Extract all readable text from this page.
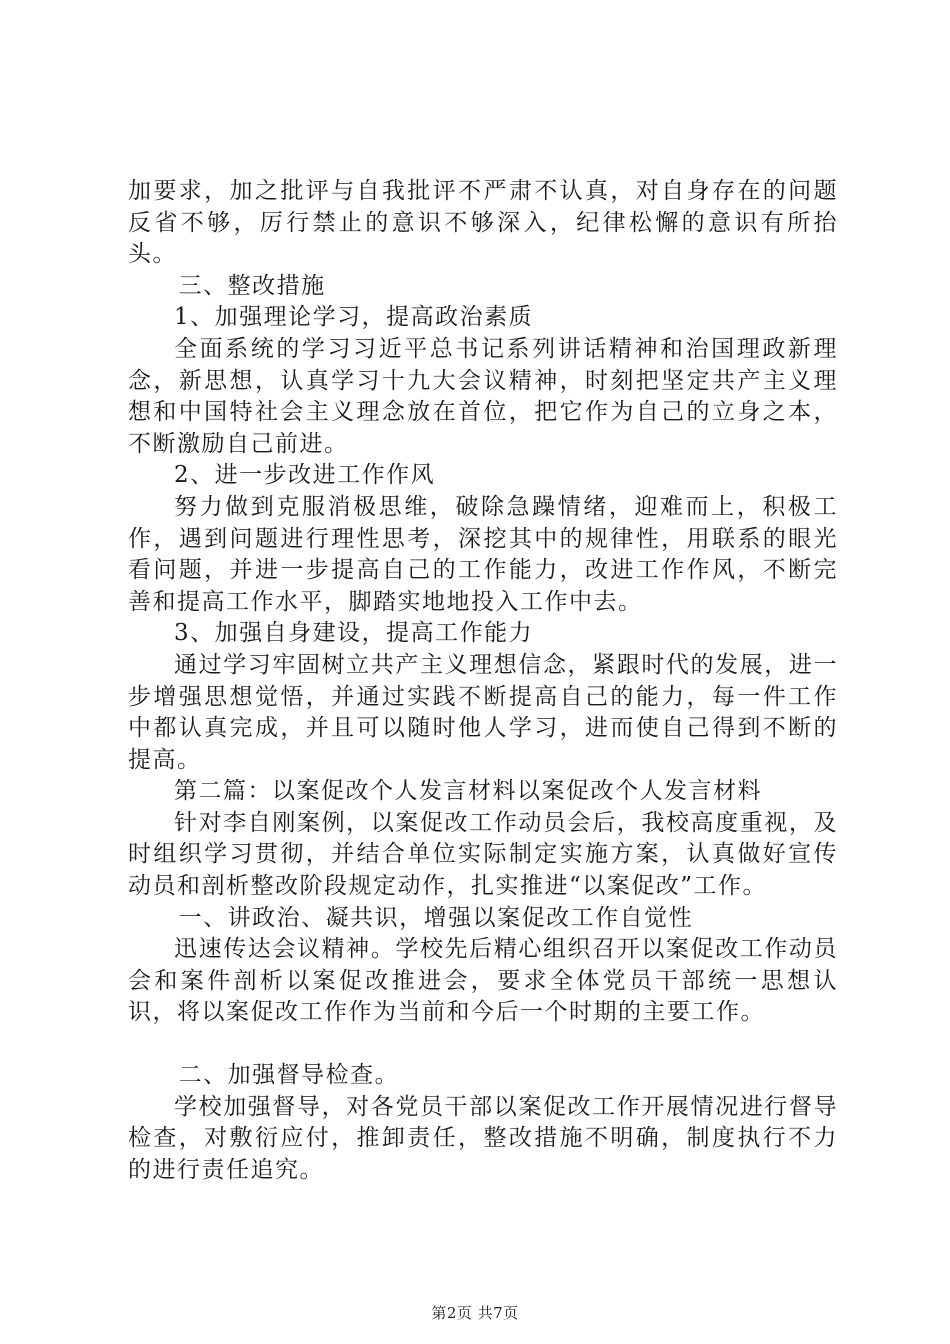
加要求，加之批评与自我批评不严肃不认真，对自身存在的问题反省不够，厉行禁止的意识不够深入，纪律松懈的意识有所抬头。

三、整改措施

1、加强理论学习，提高政治素质

全面系统的学习习近平总书记系列讲话精神和治国理政新理念，新思想，认真学习十九大会议精神，时刻把坚定共产主义理想和中国特社会主义理念放在首位，把它作为自己的立身之本，不断激励自己前进。

2、进一步改进工作作风

努力做到克服消极思维，破除急躁情绪，迎难而上，积极工作，遇到问题进行理性思考，深挖其中的规律性，用联系的眼光看问题，并进一步提高自己的工作能力，改进工作作风，不断完善和提高工作水平，脚踏实地地投入工作中去。

3、加强自身建设，提高工作能力

通过学习牢固树立共产主义理想信念，紧跟时代的发展，进一步增强思想觉悟，并通过实践不断提高自己的能力，每一件工作中都认真完成，并且可以随时他人学习，进而使自己得到不断的提高。

第二篇：以案促改个人发言材料以案促改个人发言材料

针对李自刚案例，以案促改工作动员会后，我校高度重视，及时组织学习贯彻，并结合单位实际制定实施方案，认真做好宣传动员和剖析整改阶段规定动作，扎实推进“以案促改”工作。

一、讲政治、凝共识，增强以案促改工作自觉性

迅速传达会议精神。学校先后精心组织召开以案促改工作动员会和案件剖析以案促改推进会，要求全体党员干部统一思想认识，将以案促改工作作为当前和今后一个时期的主要工作。

二、加强督导检查。

学校加强督导，对各党员干部以案促改工作开展情况进行督导检查，对敷衍应付，推卸责任，整改措施不明确，制度执行不力的进行责任追究。

第2页 共7页
